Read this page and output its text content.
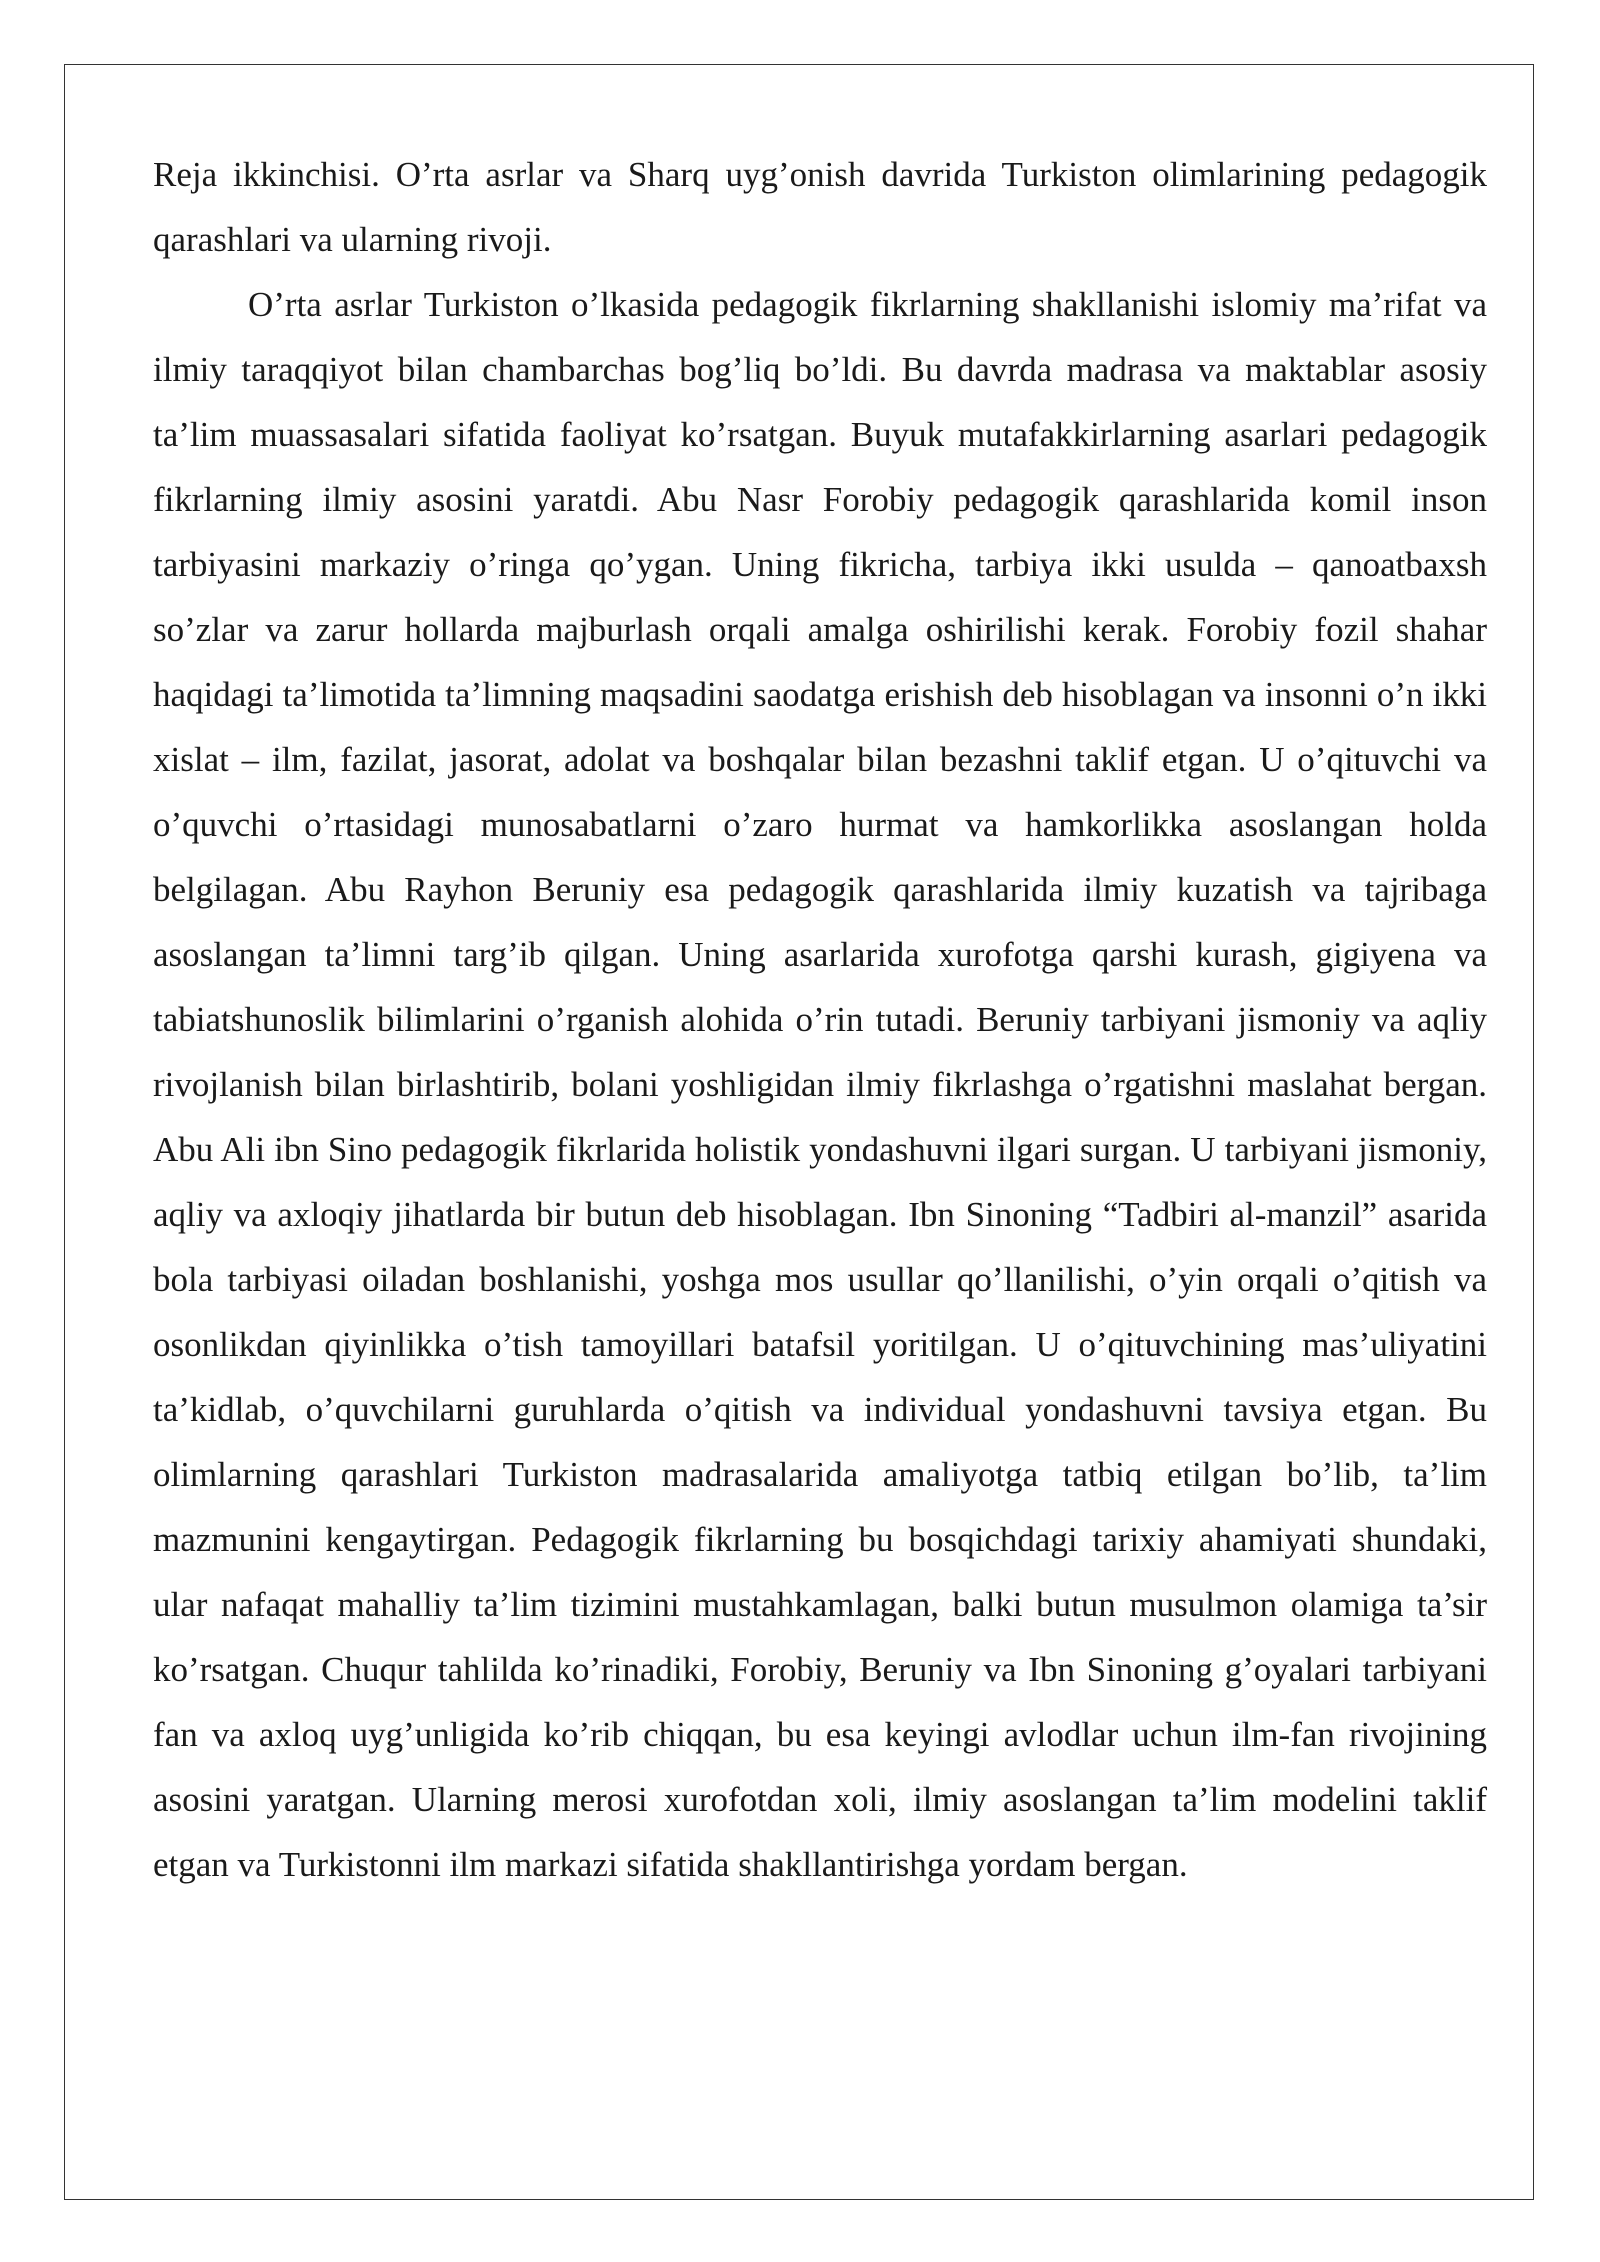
Reja ikkinchisi. O’rta asrlar va Sharq uyg’onish davrida Turkiston olimlarining pedagogik qarashlari va ularning rivoji.

O’rta asrlar Turkiston o’lkasida pedagogik fikrlarning shakllanishi islomiy ma’rifat va ilmiy taraqqiyot bilan chambarchas bog’liq bo’ldi. Bu davrda madrasa va maktablar asosiy ta’lim muassasalari sifatida faoliyat ko’rsatgan. Buyuk mutafakkirlarning asarlari pedagogik fikrlarning ilmiy asosini yaratdi. Abu Nasr Forobiy pedagogik qarashlarida komil inson tarbiyasini markaziy o’ringa qo’ygan. Uning fikricha, tarbiya ikki usulda – qanoatbaxsh so’zlar va zarur hollarda majburlash orqali amalga oshirilishi kerak. Forobiy fozil shahar haqidagi ta’limotida ta’limning maqsadini saodatga erishish deb hisoblagan va insonni o’n ikki xislat – ilm, fazilat, jasorat, adolat va boshqalar bilan bezashni taklif etgan. U o’qituvchi va o’quvchi o’rtasidagi munosabatlarni o’zaro hurmat va hamkorlikka asoslangan holda belgilagan. Abu Rayhon Beruniy esa pedagogik qarashlarida ilmiy kuzatish va tajribaga asoslangan ta’limni targ’ib qilgan. Uning asarlarida xurofotga qarshi kurash, gigiyena va tabiatshunoslik bilimlarini o’rganish alohida o’rin tutadi. Beruniy tarbiyani jismoniy va aqliy rivojlanish bilan birlashtirib, bolani yoshligidan ilmiy fikrlashga o’rgatishni maslahat bergan. Abu Ali ibn Sino pedagogik fikrlarida holistik yondashuvni ilgari surgan. U tarbiyani jismoniy, aqliy va axloqiy jihatlarda bir butun deb hisoblagan. Ibn Sinoning “Tadbiri al-manzil” asarida bola tarbiyasi oiladan boshlanishi, yoshga mos usullar qo’llanilishi, o’yin orqali o’qitish va osonlikdan qiyinlikka o’tish tamoyillari batafsil yoritilgan. U o’qituvchining mas’uliyatini ta’kidlab, o’quvchilarni guruhlarda o’qitish va individual yondashuvni tavsiya etgan. Bu olimlarning qarashlari Turkiston madrasalarida amaliyotga tatbiq etilgan bo’lib, ta’lim mazmunini kengaytirgan. Pedagogik fikrlarning bu bosqichdagi tarixiy ahamiyati shundaki, ular nafaqat mahalliy ta’lim tizimini mustahkamlagan, balki butun musulmon olamiga ta’sir ko’rsatgan. Chuqur tahlilda ko’rinadiki, Forobiy, Beruniy va Ibn Sinoning g’oyalari tarbiyani fan va axloq uyg’unligida ko’rib chiqqan, bu esa keyingi avlodlar uchun ilm-fan rivojining asosini yaratgan. Ularning merosi xurofotdan xoli, ilmiy asoslangan ta’lim modelini taklif etgan va Turkistonni ilm markazi sifatida shakllantirishga yordam bergan.
